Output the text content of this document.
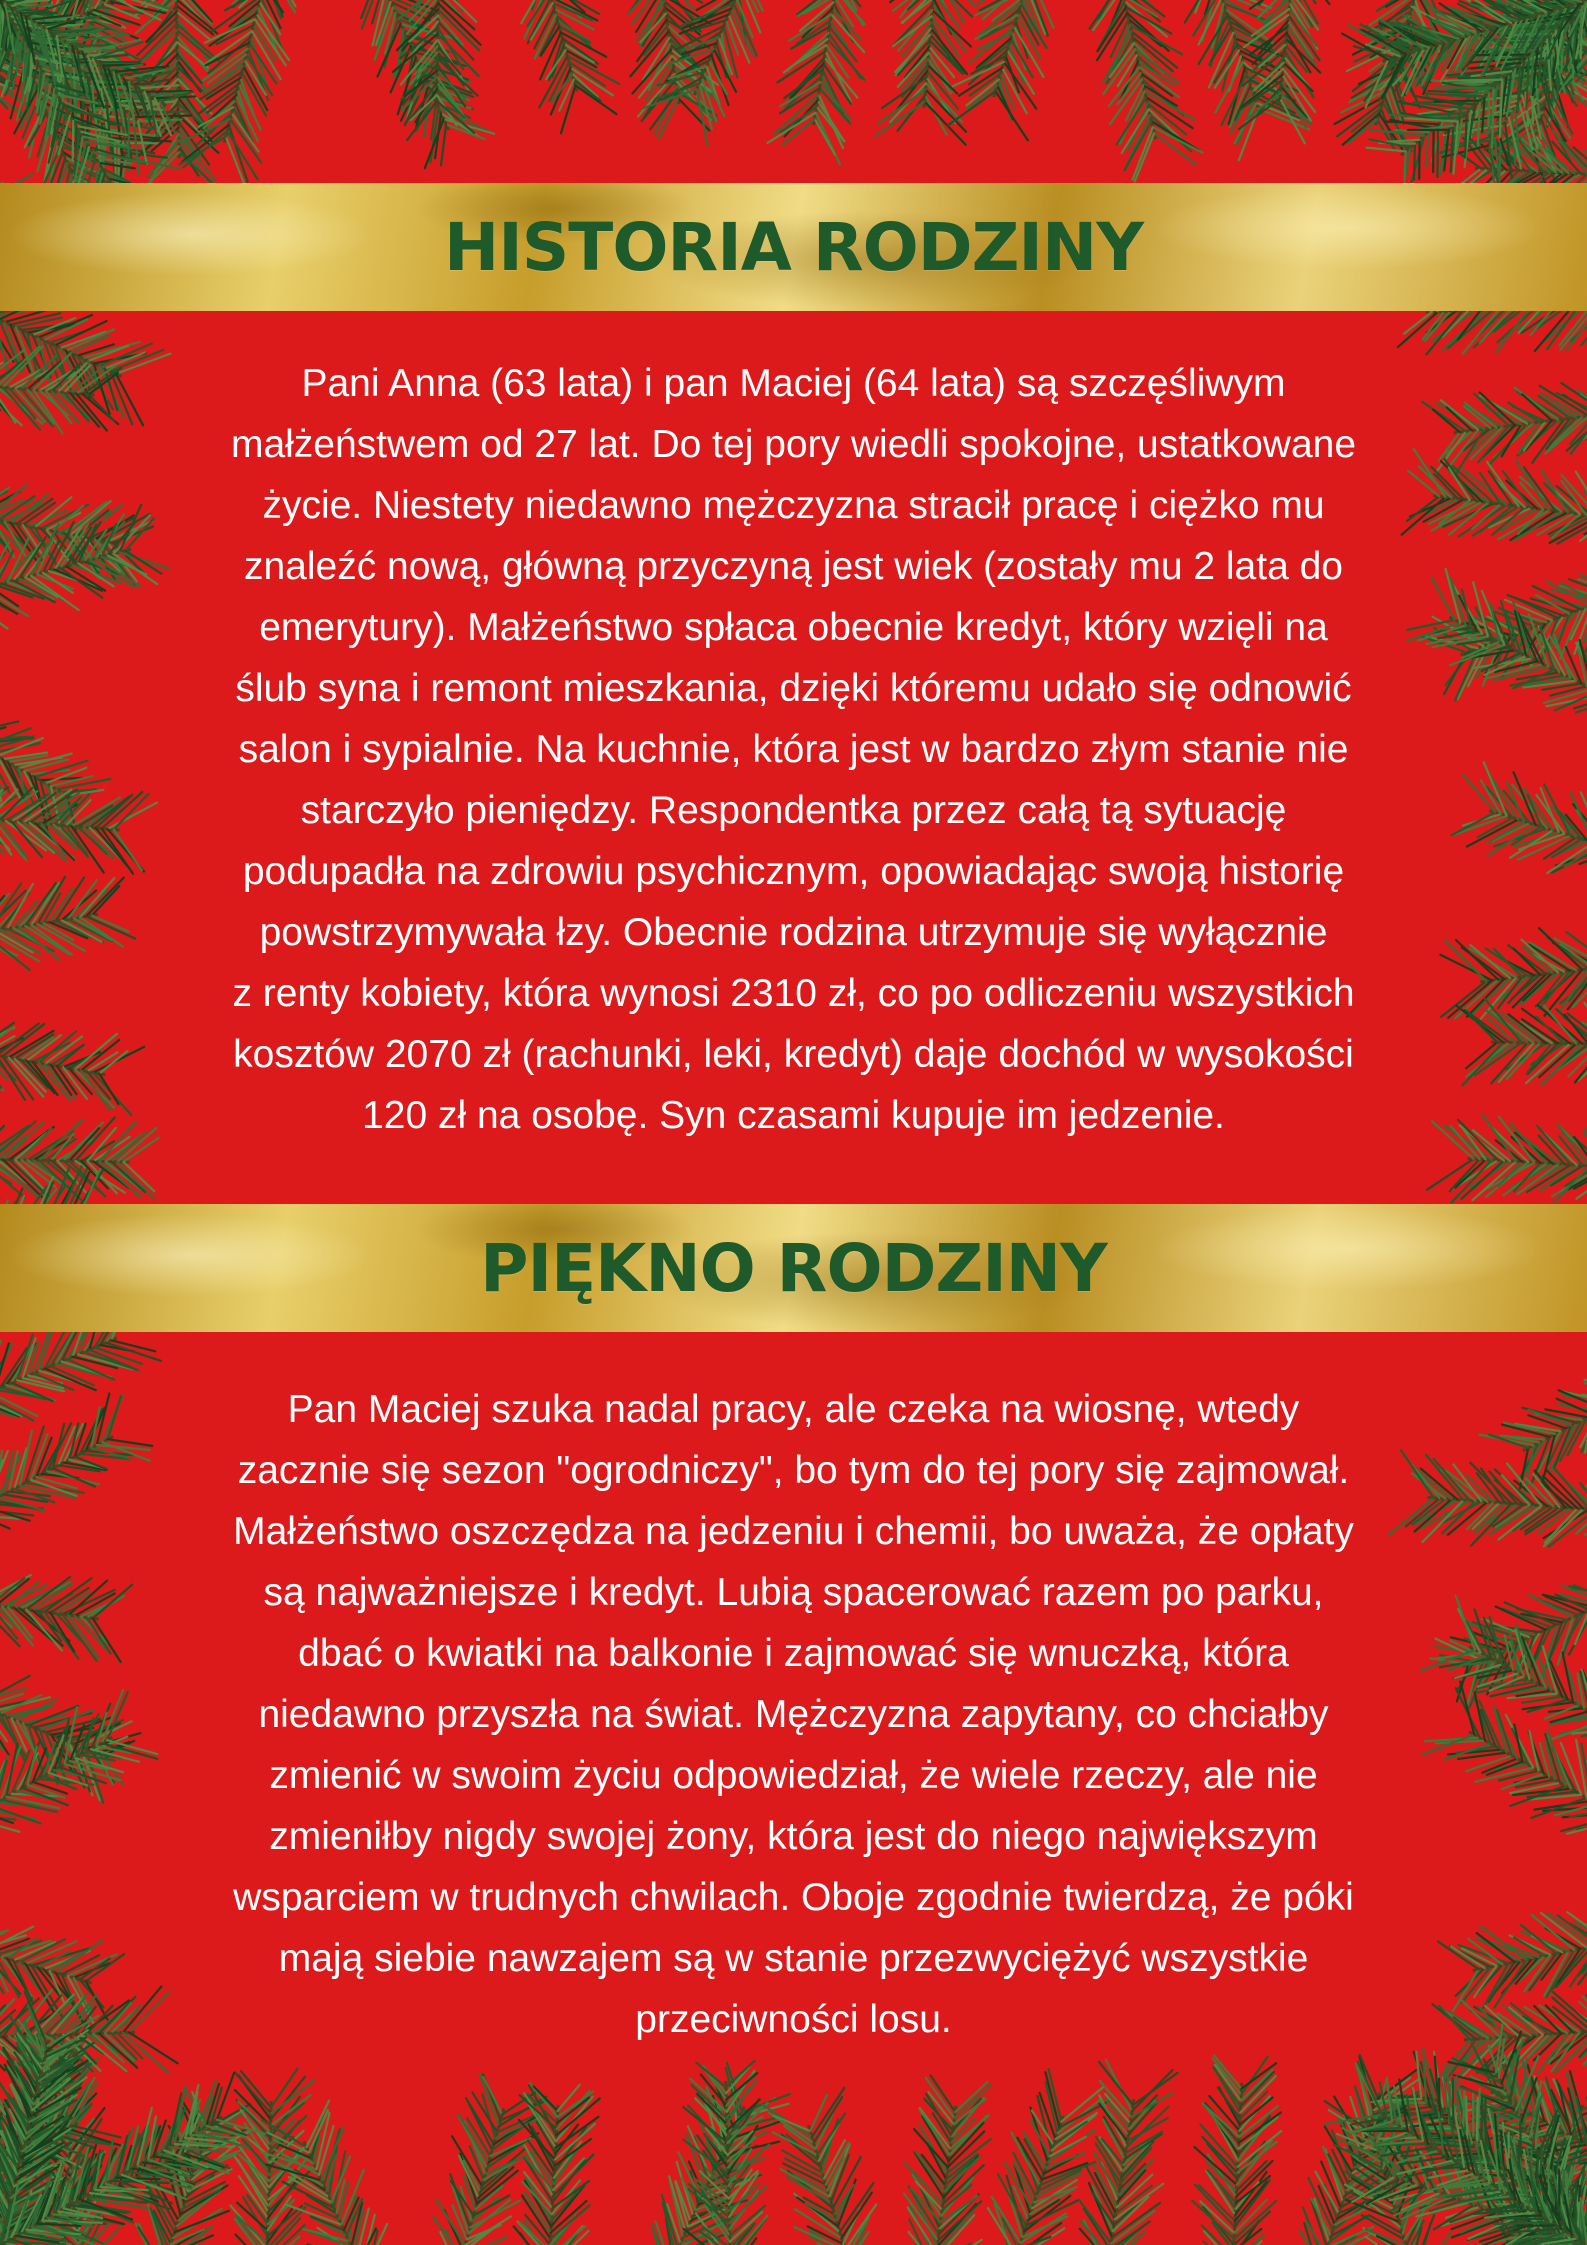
HISTORIA RODZINY

Pani Anna (63 lata) i pan Maciej (64 lata) są szczęśliwym
małżeństwem od 27 lat. Do tej pory wiedli spokojne, ustatkowane
życie. Niestety niedawno mężczyzna stracił pracę i ciężko mu
znaleźć nową, główną przyczyną jest wiek (zostały mu 2 lata do
emerytury). Małżeństwo spłaca obecnie kredyt, który wzięli na
ślub syna i remont mieszkania, dzięki któremu udało się odnowić
salon i sypialnie. Na kuchnie, która jest w bardzo złym stanie nie
starczyło pieniędzy. Respondentka przez całą tą sytuację
podupadła na zdrowiu psychicznym, opowiadając swoją historię
powstrzymywała łzy. Obecnie rodzina utrzymuje się wyłącznie
z renty kobiety, która wynosi 2310 zł, co po odliczeniu wszystkich
kosztów 2070 zł (rachunki, leki, kredyt) daje dochód w wysokości
120 zł na osobę. Syn czasami kupuje im jedzenie.

PIĘKNO RODZINY

Pan Maciej szuka nadal pracy, ale czeka na wiosnę, wtedy
zacznie się sezon "ogrodniczy", bo tym do tej pory się zajmował.
Małżeństwo oszczędza na jedzeniu i chemii, bo uważa, że opłaty
są najważniejsze i kredyt. Lubią spacerować razem po parku,
dbać o kwiatki na balkonie i zajmować się wnuczką, która
niedawno przyszła na świat. Mężczyzna zapytany, co chciałby
zmienić w swoim życiu odpowiedział, że wiele rzeczy, ale nie
zmieniłby nigdy swojej żony, która jest do niego największym
wsparciem w trudnych chwilach. Oboje zgodnie twierdzą, że póki
mają siebie nawzajem są w stanie przezwyciężyć wszystkie
przeciwności losu.
